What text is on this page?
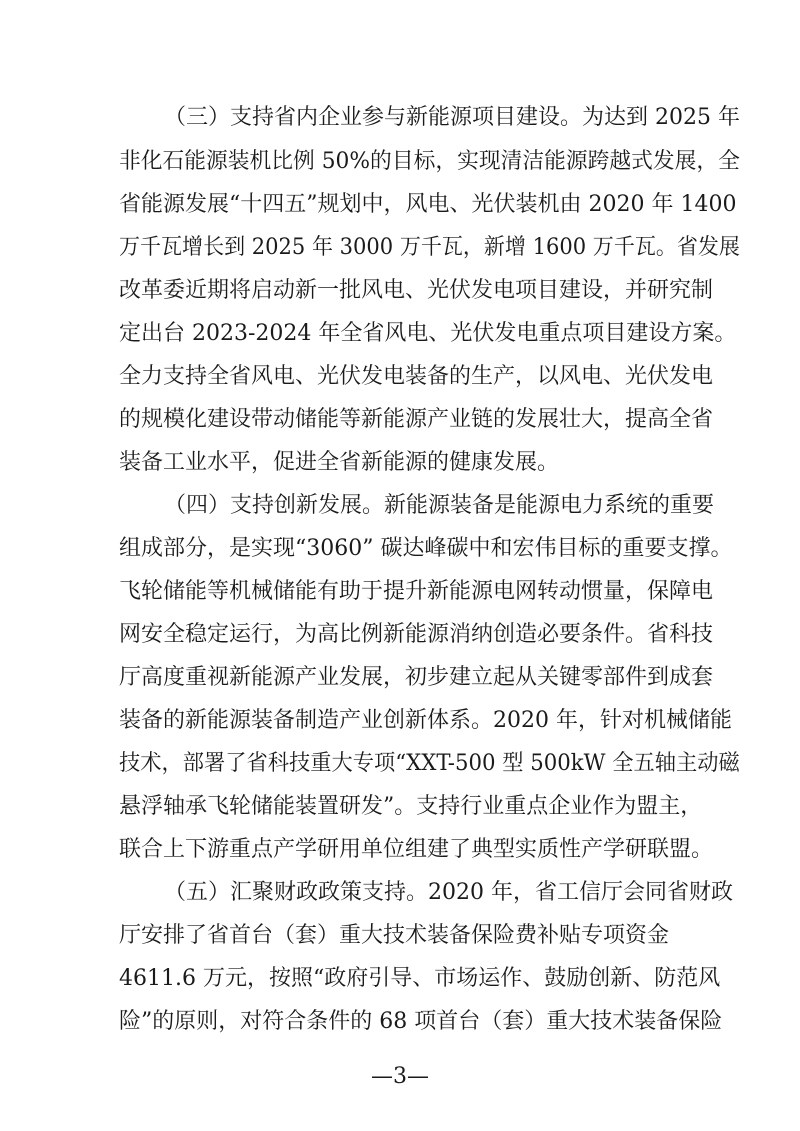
（三）支持省内企业参与新能源项目建设。为达到 2025 年
非化石能源装机比例 50%的目标，实现清洁能源跨越式发展，全
省能源发展“十四五”规划中，风电、光伏装机由 2020 年 1400
万千瓦增长到 2025 年 3000 万千瓦，新增 1600 万千瓦。省发展
改革委近期将启动新一批风电、光伏发电项目建设，并研究制
定出台 2023-2024 年全省风电、光伏发电重点项目建设方案。
全力支持全省风电、光伏发电装备的生产，以风电、光伏发电
的规模化建设带动储能等新能源产业链的发展壮大，提高全省
装备工业水平，促进全省新能源的健康发展。
（四）支持创新发展。新能源装备是能源电力系统的重要
组成部分，是实现“3060” 碳达峰碳中和宏伟目标的重要支撑。
飞轮储能等机械储能有助于提升新能源电网转动惯量，保障电
网安全稳定运行，为高比例新能源消纳创造必要条件。省科技
厅高度重视新能源产业发展，初步建立起从关键零部件到成套
装备的新能源装备制造产业创新体系。2020 年，针对机械储能
技术，部署了省科技重大专项“XXT-500 型 500kW 全五轴主动磁
悬浮轴承飞轮储能装置研发”。支持行业重点企业作为盟主，
联合上下游重点产学研用单位组建了典型实质性产学研联盟。
（五）汇聚财政政策支持。2020 年，省工信厅会同省财政
厅安排了省首台（套）重大技术装备保险费补贴专项资金
4611.6 万元，按照“政府引导、市场运作、鼓励创新、防范风
险”的原则，对符合条件的 68 项首台（套）重大技术装备保险
—3—
